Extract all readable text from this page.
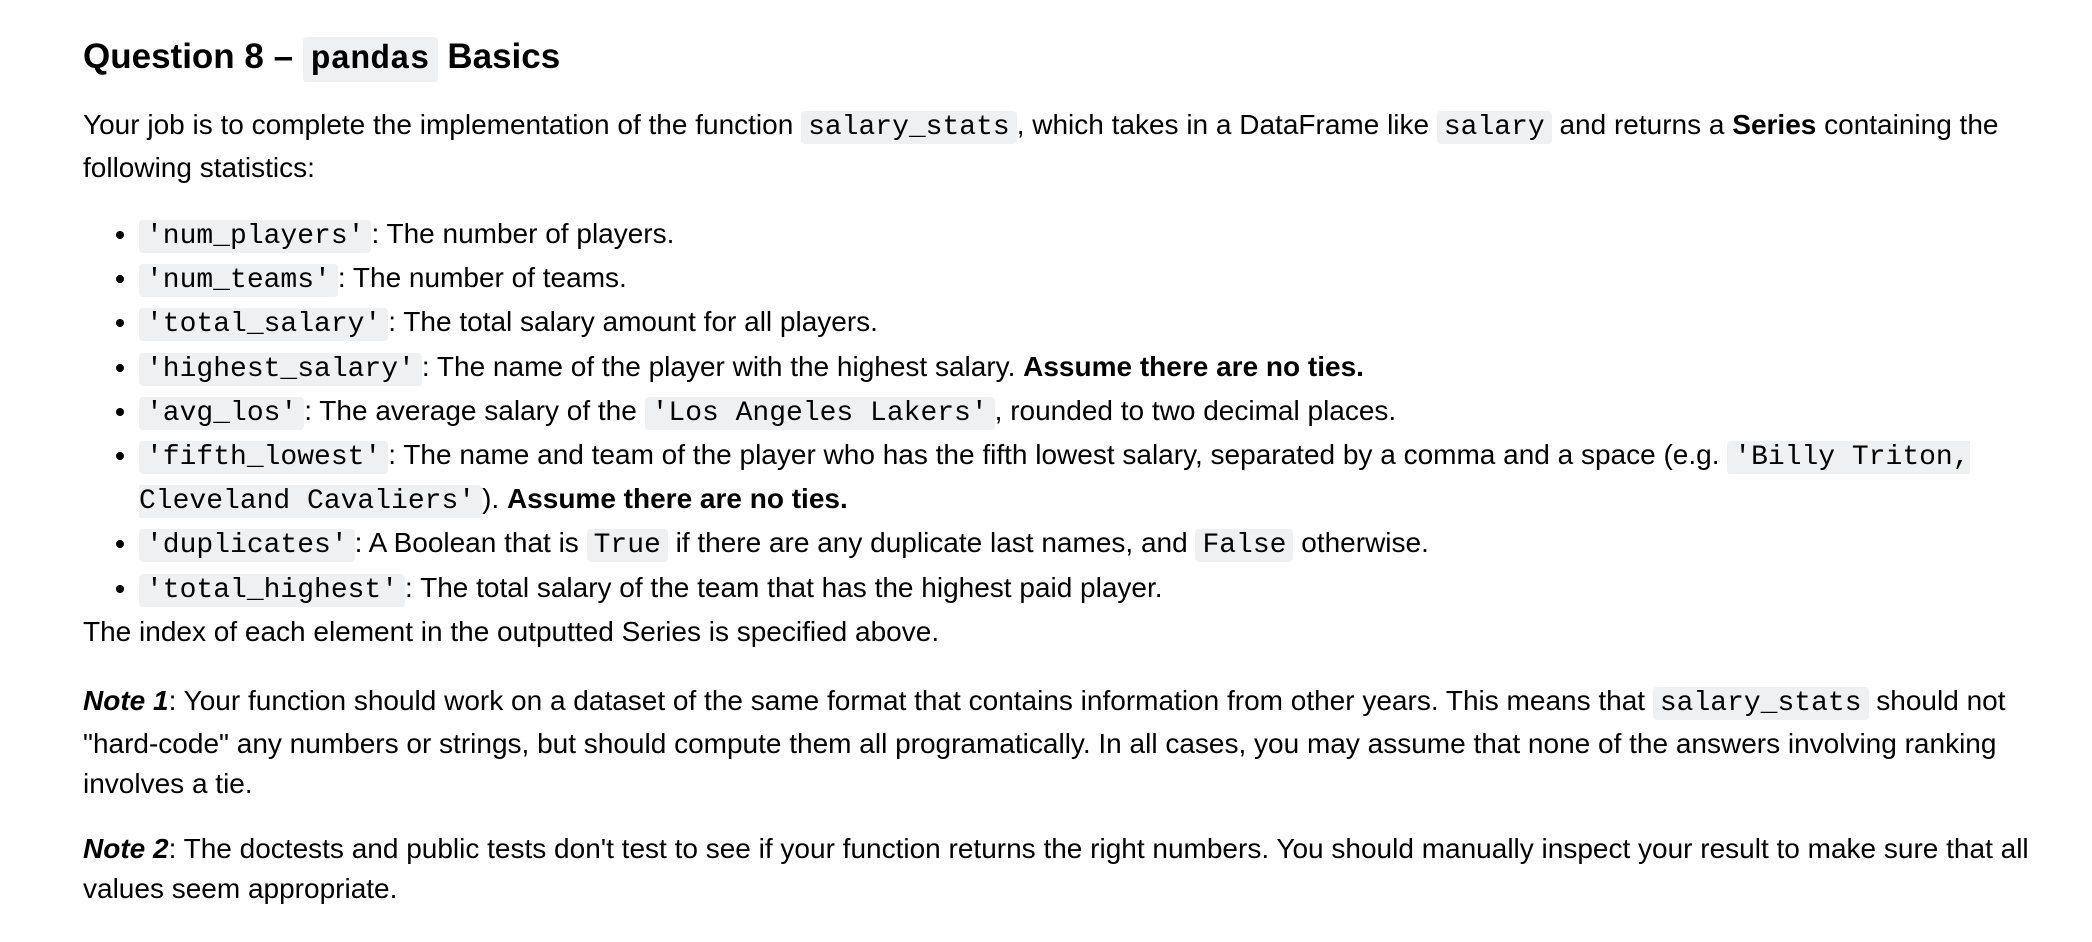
Question 8 – pandas Basics

Your job is to complete the implementation of the function salary_stats , which takes in a DataFrame like salary and returns a Series containing the following statistics:

• 'num_players' : The number of players.
• 'num_teams' : The number of teams.
• 'total_salary' : The total salary amount for all players.
• 'highest_salary' : The name of the player with the highest salary. Assume there are no ties.
• 'avg_los' : The average salary of the 'Los Angeles Lakers' , rounded to two decimal places.
• 'fifth_lowest' : The name and team of the player who has the fifth lowest salary, separated by a comma and a space (e.g. 'Billy Triton, Cleveland Cavaliers' ). Assume there are no ties.
• 'duplicates' : A Boolean that is True if there are any duplicate last names, and False otherwise.
• 'total_highest' : The total salary of the team that has the highest paid player.

The index of each element in the outputted Series is specified above.

Note 1: Your function should work on a dataset of the same format that contains information from other years. This means that salary_stats should not "hard-code" any numbers or strings, but should compute them all programatically. In all cases, you may assume that none of the answers involving ranking involves a tie.

Note 2: The doctests and public tests don't test to see if your function returns the right numbers. You should manually inspect your result to make sure that all values seem appropriate.
